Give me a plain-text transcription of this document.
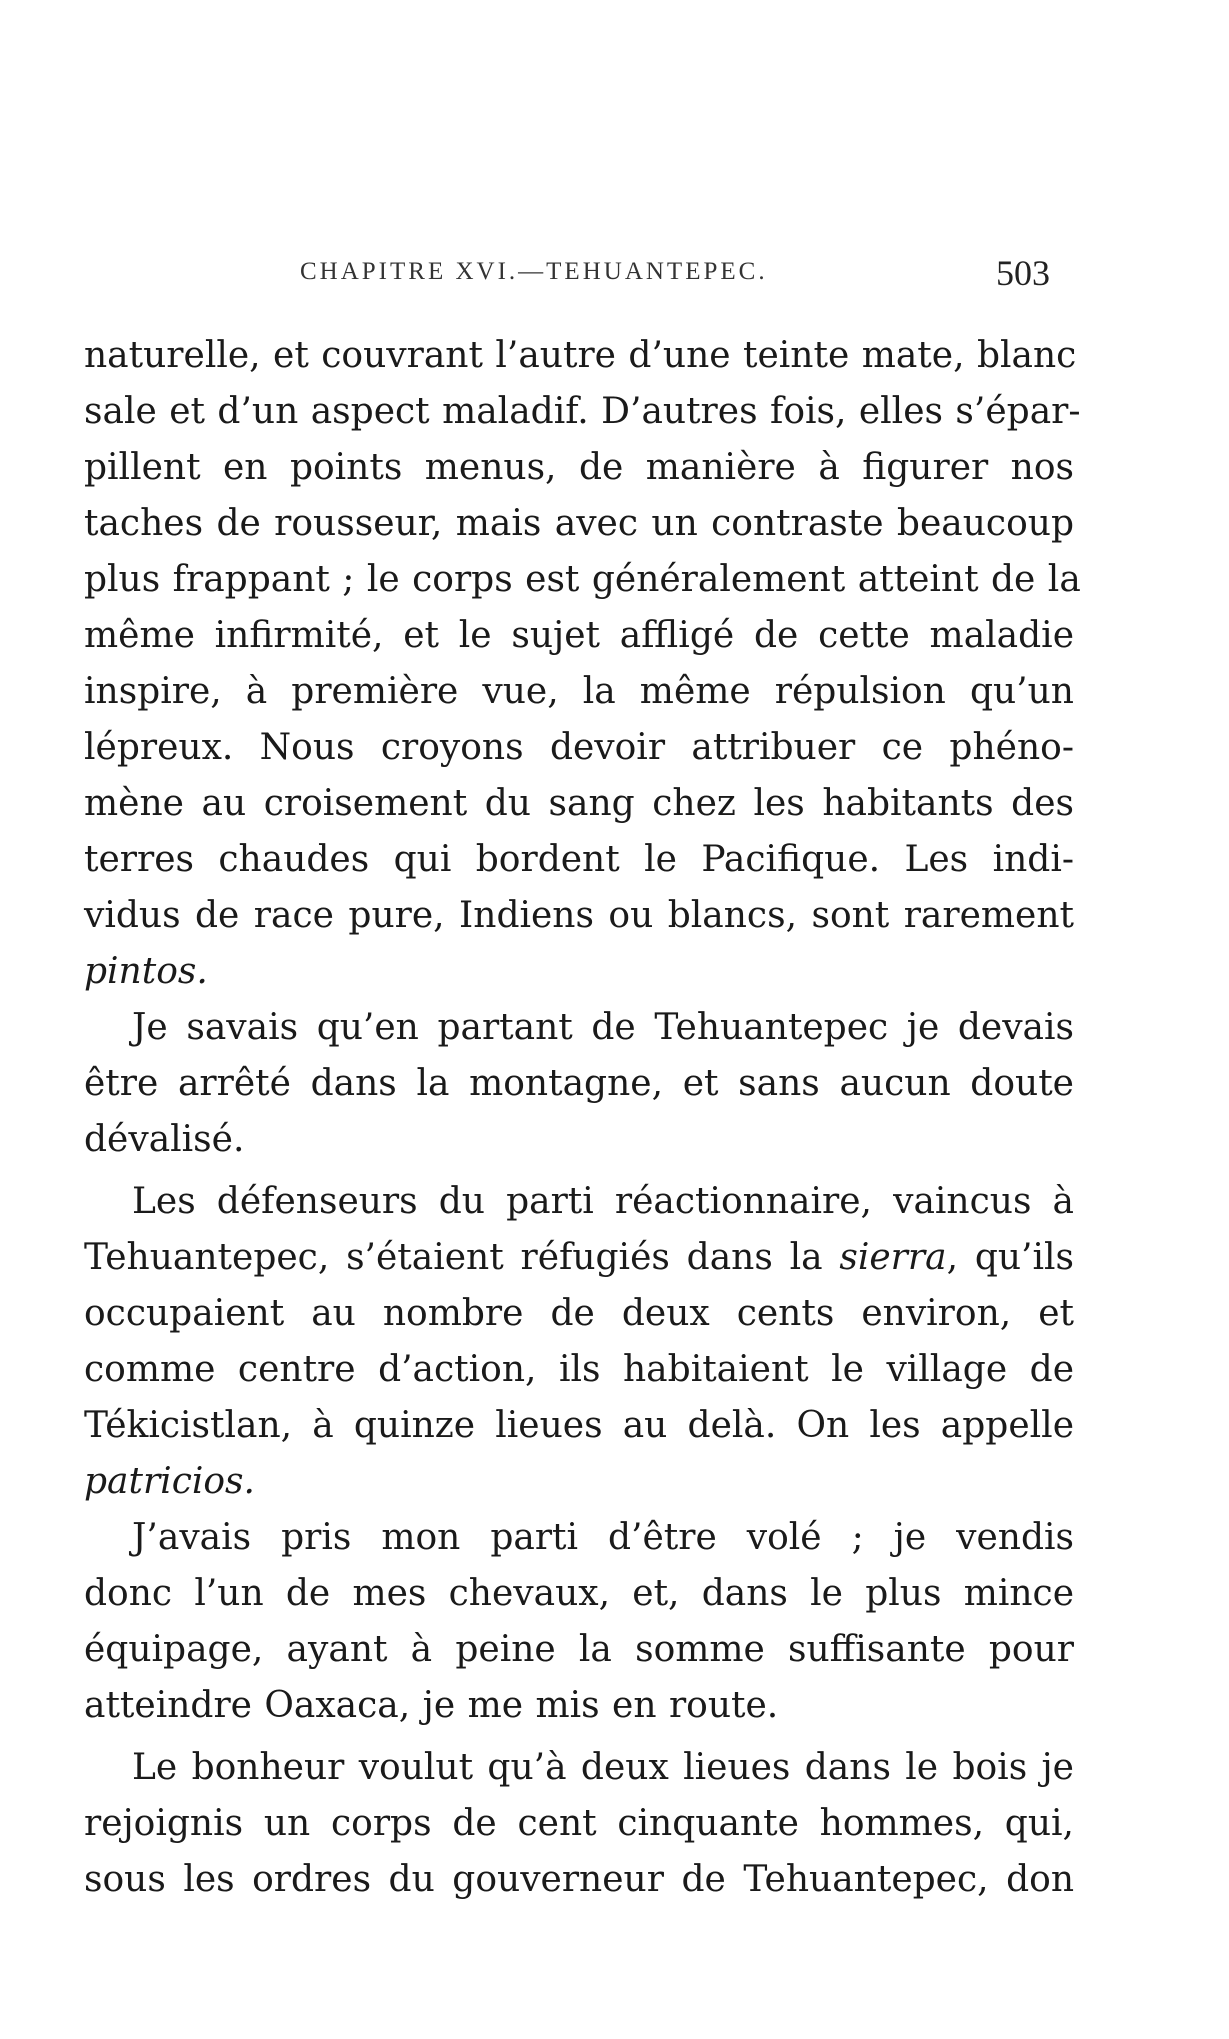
CHAPITRE XVI.—TEHUANTEPEC.	503
naturelle, et couvrant l’autre d’une teinte mate, blanc
sale et d’un aspect maladif. D’autres fois, elles s’épar-
pillent en points menus, de manière à figurer nos
taches de rousseur, mais avec un contraste beaucoup
plus frappant ; le corps est généralement atteint de la
même infirmité, et le sujet affligé de cette maladie
inspire, à première vue, la même répulsion qu’un
lépreux. Nous croyons devoir attribuer ce phéno-
mène au croisement du sang chez les habitants des
terres chaudes qui bordent le Pacifique. Les indi-
vidus de race pure, Indiens ou blancs, sont rarement
pintos.
Je savais qu’en partant de Tehuantepec je devais
être arrêté dans la montagne, et sans aucun doute
dévalisé.
Les défenseurs du parti réactionnaire, vaincus à
Tehuantepec, s’étaient réfugiés dans la sierra, qu’ils
occupaient au nombre de deux cents environ, et
comme centre d’action, ils habitaient le village de
Tékicistlan, à quinze lieues au delà. On les appelle
patricios.
J’avais pris mon parti d’être volé ; je vendis
donc l’un de mes chevaux, et, dans le plus mince
équipage, ayant à peine la somme suffisante pour
atteindre Oaxaca, je me mis en route.
Le bonheur voulut qu’à deux lieues dans le bois je
rejoignis un corps de cent cinquante hommes, qui,
sous les ordres du gouverneur de Tehuantepec, don
